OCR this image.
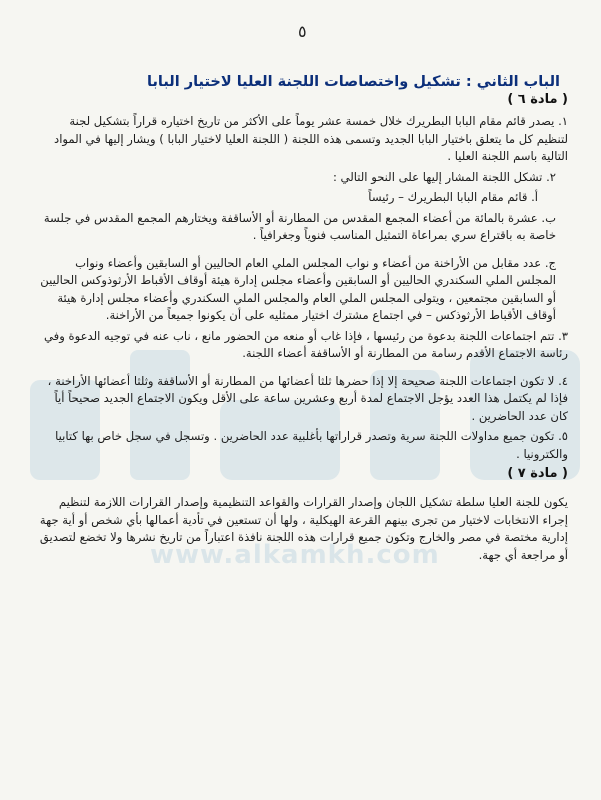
www.alkamkh.com
٥
الباب الثاني : تشكيل واختصاصات اللجنة العليا لاختيار البابا
( مادة ٦ )

١. يصدر قائم مقام البابا البطريرك خلال خمسة عشر يوماً على الأكثر من تاريخ اختياره قراراً بتشكيل لجنة لتنظيم كل ما يتعلق باختيار البابا الجديد وتسمى هذه اللجنة ( اللجنة العليا لاختيار البابا ) ويشار إليها في المواد التالية باسم اللجنة العليا .

٢. تشكل اللجنة المشار إليها على النحو التالي :

أ. قائم مقام البابا البطريرك – رئيساً

ب. عشرة بالمائة من أعضاء المجمع المقدس من المطارنة أو الأساقفة ويختارهم المجمع المقدس في جلسة خاصة به باقتراع سري بمراعاة التمثيل المناسب فنوياً وجغرافياً .

ج. عدد مقابل من الأراخنة من أعضاء و نواب المجلس الملي العام الحاليين أو السابقين وأعضاء ونواب المجلس الملي السكندري الحاليين أو السابقين وأعضاء مجلس إدارة هيئة أوقاف الأقباط الأرثوذوكس الحاليين أو السابقين مجتمعين ، ويتولى المجلس الملي العام والمجلس الملي السكندري وأعضاء مجلس إدارة هيئة أوقاف الأقباط الأرثوذكس – في اجتماع مشترك اختيار ممثليه على أن يكونوا جميعاً من الأراخنة.

٣. تتم اجتماعات اللجنة بدعوة من رئيسها ، فإذا غاب أو منعه من الحضور مانع ، ناب عنه في توجيه الدعوة وفي رئاسة الاجتماع الأقدم رسامة من المطارنة أو الأساقفة أعضاء اللجنة.

٤. لا تكون اجتماعات اللجنة صحيحة إلا إذا حضرها ثلثا أعضائها من المطارنة أو الأساقفة وثلثا أعضائها الأراخنة ، فإذا لم يكتمل هذا العدد يؤجل الاجتماع لمدة أربع وعشرين ساعة على الأقل ويكون الاجتماع الجديد صحيحاً أياً كان عدد الحاضرين .

٥. تكون جميع مداولات اللجنة سرية وتصدر قراراتها بأغلبية عدد الحاضرين . وتسجل في سجل خاص بها كتابيا والكترونيا .

( مادة ٧ )

يكون للجنة العليا سلطة تشكيل اللجان وإصدار القرارات والقواعد التنظيمية وإصدار القرارات اللازمة لتنظيم إجراء الانتخابات لاختيار من تجرى بينهم القرعة الهيكلية ، ولها أن تستعين في تأدية أعمالها بأي شخص أو أية جهة إدارية مختصة في مصر والخارج وتكون جميع قرارات هذه اللجنة نافذة اعتباراً من تاريخ نشرها ولا تخضع لتصديق أو مراجعة أي جهة.
